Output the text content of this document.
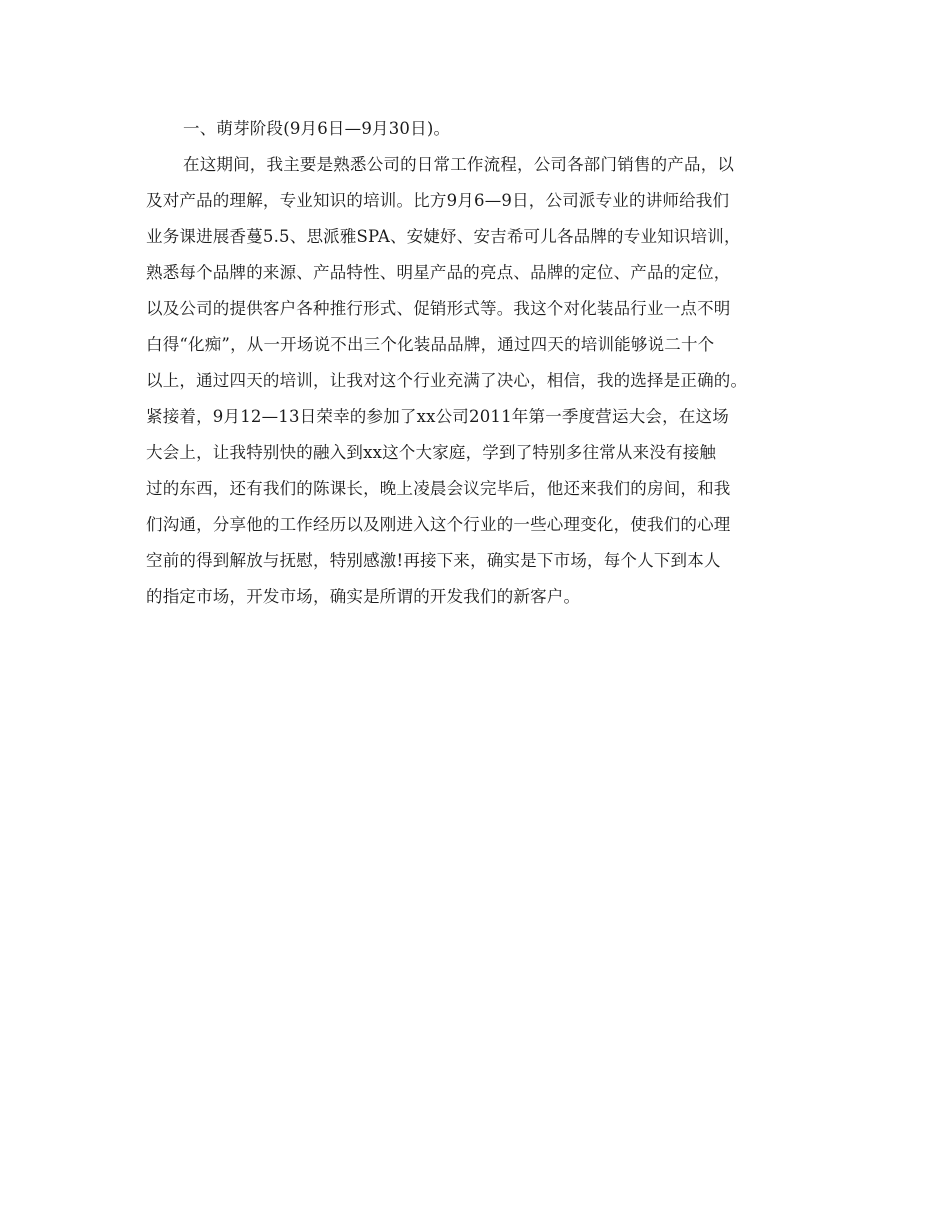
一、萌芽阶段(9月6日—9月30日)。
在这期间，我主要是熟悉公司的日常工作流程，公司各部门销售的产品，以
及对产品的理解，专业知识的培训。比方9月6—9日，公司派专业的讲师给我们
业务课进展香蔓5.5、思派雅SPA、安婕妤、安吉希可儿各品牌的专业知识培训，
熟悉每个品牌的来源、产品特性、明星产品的亮点、品牌的定位、产品的定位，
以及公司的提供客户各种推行形式、促销形式等。我这个对化装品行业一点不明
白得“化痴”，从一开场说不出三个化装品品牌，通过四天的培训能够说二十个
以上，通过四天的培训，让我对这个行业充满了决心，相信，我的选择是正确的。
紧接着，9月12—13日荣幸的参加了xx公司2011年第一季度营运大会，在这场
大会上，让我特别快的融入到xx这个大家庭，学到了特别多往常从来没有接触
过的东西，还有我们的陈课长，晚上凌晨会议完毕后，他还来我们的房间，和我
们沟通，分享他的工作经历以及刚进入这个行业的一些心理变化，使我们的心理
空前的得到解放与抚慰，特别感激!再接下来，确实是下市场，每个人下到本人
的指定市场，开发市场，确实是所谓的开发我们的新客户。
